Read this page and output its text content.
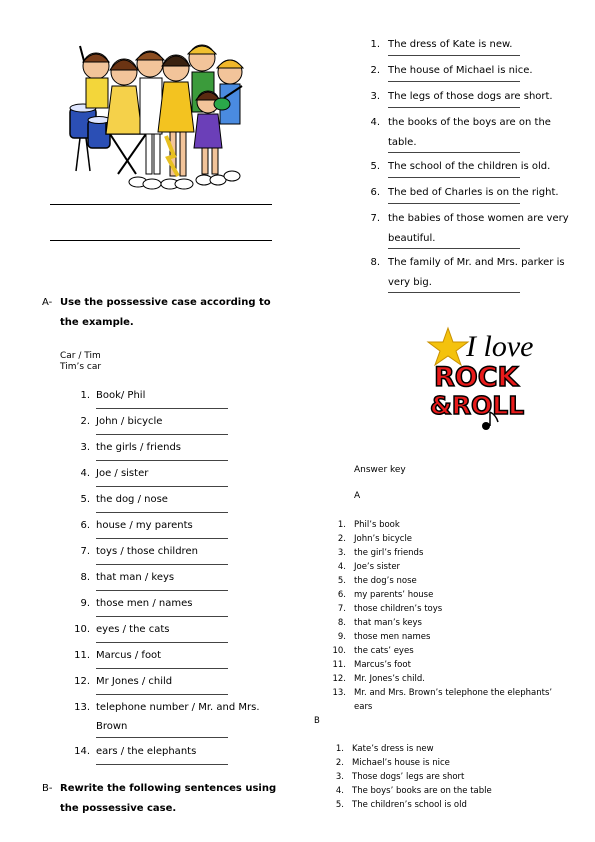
A- Use the possessive case according to
the example.
Car / Tim
Tim’s car
1. Book/ Phil
2. John / bicycle
3. the girls / friends
4. Joe / sister
5. the dog / nose
6. house / my parents
7. toys / those children
8. that man / keys
9. those men / names
10. eyes / the cats
11. Marcus / foot
12. Mr Jones / child
13. telephone number / Mr. and Mrs.
Brown
14. ears / the elephants
B- Rewrite the following sentences using
the possessive case.
1. The dress of Kate is new.
2. The house of Michael is nice.
3. The legs of those dogs are short.
4. the books of the boys are on the
table.
5. The school of the children is old.
6. The bed of Charles is on the right.
7. the babies of those women are very
beautiful.
8. The family of Mr. and Mrs. parker is
very big.
I love
ROCK
&ROLL
Answer key
A
1. Phil’s book
2. John’s bicycle
3. the girl’s friends
4. Joe’s sister
5. the dog’s nose
6. my parents’ house
7. those children’s toys
8. that man’s keys
9. those men names
10. the cats’ eyes
11. Marcus’s foot
12. Mr. Jones’s child.
13. Mr. and Mrs. Brown’s telephone the elephants’
ears
B
1. Kate’s dress is new
2. Michael’s house is nice
3. Those dogs’ legs are short
4. The boys’ books are on the table
5. The children’s school is old
